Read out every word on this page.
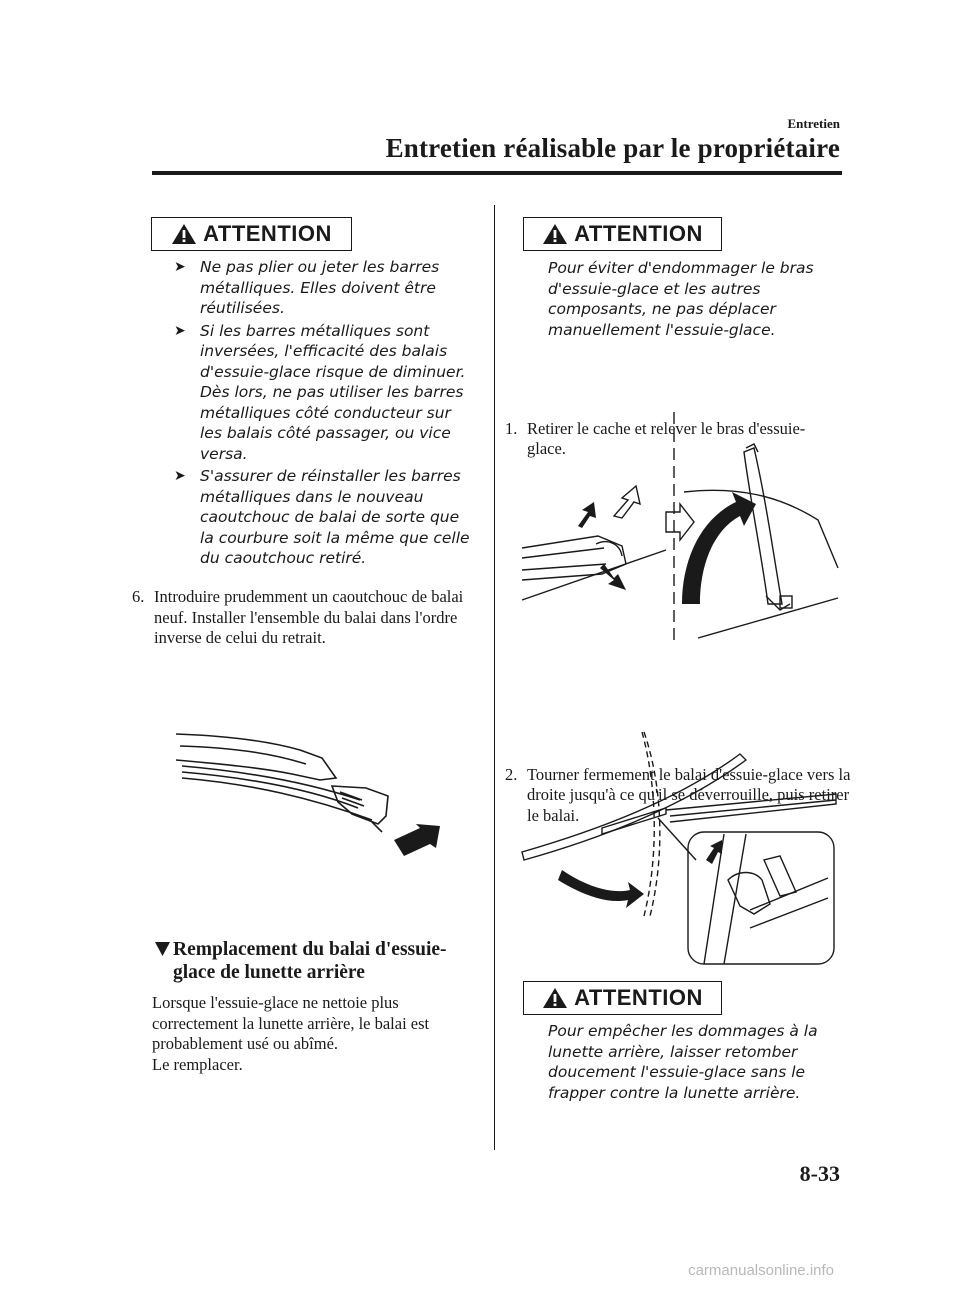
Entretien
Entretien réalisable par le propriétaire
ATTENTION
➤ Ne pas plier ou jeter les barres métalliques. Elles doivent être réutilisées.
➤ Si les barres métalliques sont inversées, l'efficacité des balais d'essuie-glace risque de diminuer. Dès lors, ne pas utiliser les barres métalliques côté conducteur sur les balais côté passager, ou vice versa.
➤ S'assurer de réinstaller les barres métalliques dans le nouveau caoutchouc de balai de sorte que la courbure soit la même que celle du caoutchouc retiré.
6. Introduire prudemment un caoutchouc de balai neuf. Installer l'ensemble du balai dans l'ordre inverse de celui du retrait.
Remplacement du balai d'essuie-
glace de lunette arrière
Lorsque l'essuie-glace ne nettoie plus correctement la lunette arrière, le balai est probablement usé ou abîmé.
Le remplacer.
ATTENTION
Pour éviter d'endommager le bras d'essuie-glace et les autres composants, ne pas déplacer manuellement l'essuie-glace.
1. Retirer le cache et relever le bras d'essuie-glace.
2. Tourner fermement le balai d'essuie-glace vers la droite jusqu'à ce qu'il se déverrouille, puis retirer le balai.
ATTENTION
Pour empêcher les dommages à la lunette arrière, laisser retomber doucement l'essuie-glace sans le frapper contre la lunette arrière.
8-33
carmanualsonline.info
